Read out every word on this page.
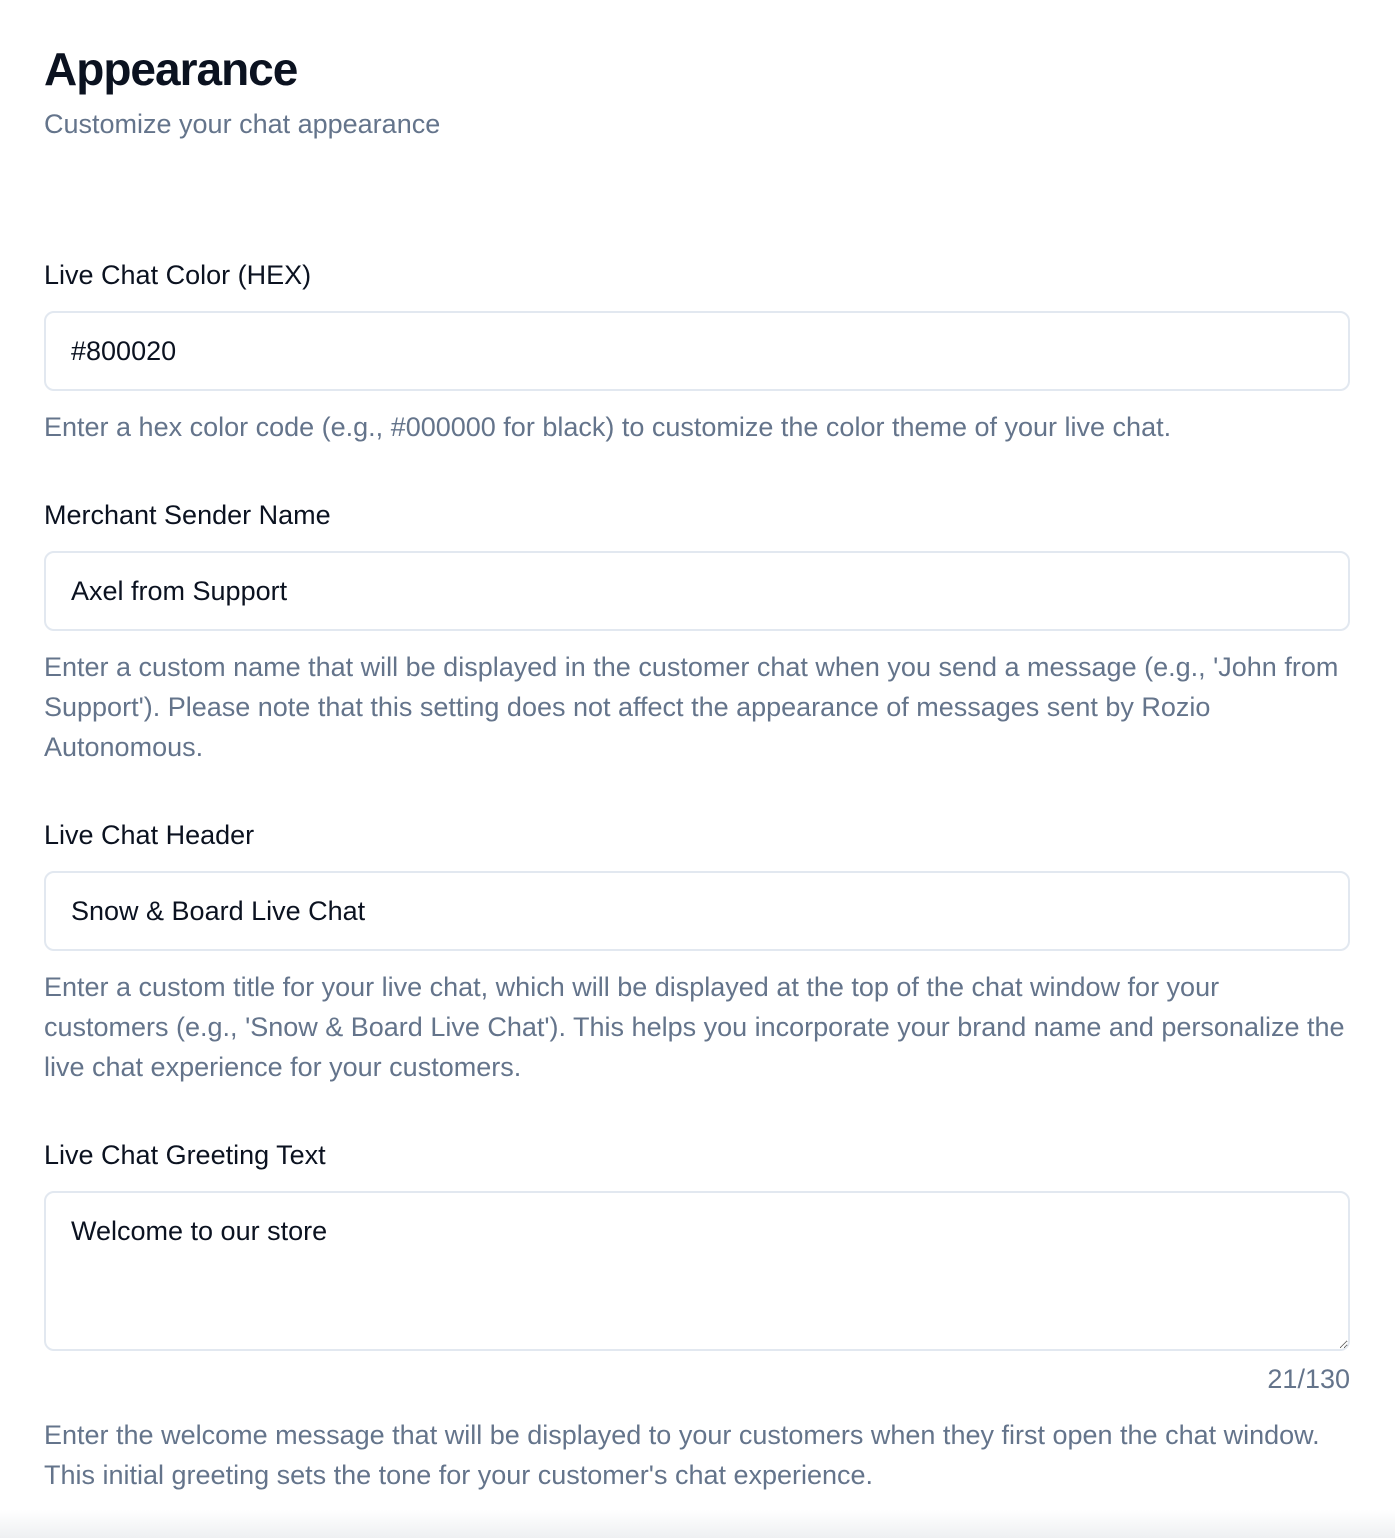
Appearance

Customize your chat appearance

Live Chat Color (HEX)
#800020

Enter a hex color code (e.g., #000000 for black) to customize the color theme of your live chat.

Merchant Sender Name
Axel from Support

Enter a custom name that will be displayed in the customer chat when you send a message (e.g., 'John from Support'). Please note that this setting does not affect the appearance of messages sent by Rozio Autonomous.

Live Chat Header
Snow & Board Live Chat

Enter a custom title for your live chat, which will be displayed at the top of the chat window for your customers (e.g., 'Snow & Board Live Chat'). This helps you incorporate your brand name and personalize the live chat experience for your customers.

Live Chat Greeting Text
Welcome to our store
21/130

Enter the welcome message that will be displayed to your customers when they first open the chat window. This initial greeting sets the tone for your customer's chat experience.
